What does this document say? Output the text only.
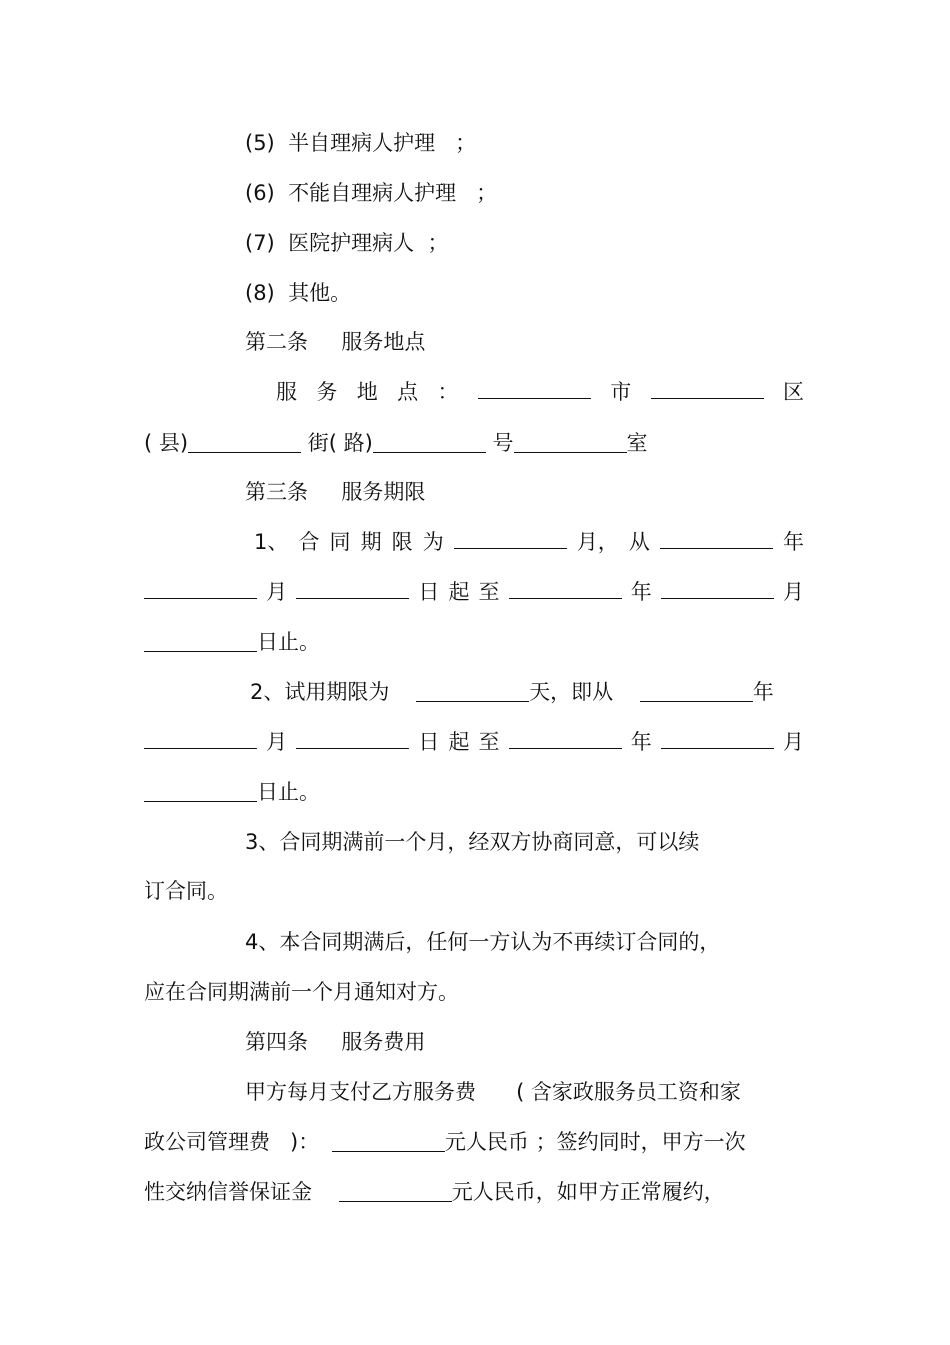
(5) 半自理病人护理 ；

(6) 不能自理病人护理 ；

(7) 医院护理病人 ；

(8) 其他。

第二条 服务地点

服 务 地 点 ：	市	区

( 县)	街( 路)	号	室

第三条 服务期限

1、 合 同 期 限 为	月， 从	年

月	日 起 至	年	月

日止。

2、试用期限为	天，即从	年

月	日 起 至	年	月

日止。

3、合同期满前一个月，经双方协商同意，可以续

订合同。

4、本合同期满后，任何一方认为不再续订合同的，

应在合同期满前一个月通知对方。

第四条 服务费用

甲方每月支付乙方服务费 ( 含家政服务员工资和家

政公司管理费 )：	元人民币 ；签约同时，甲方一次

性交纳信誉保证金	元人民币，如甲方正常履约，
